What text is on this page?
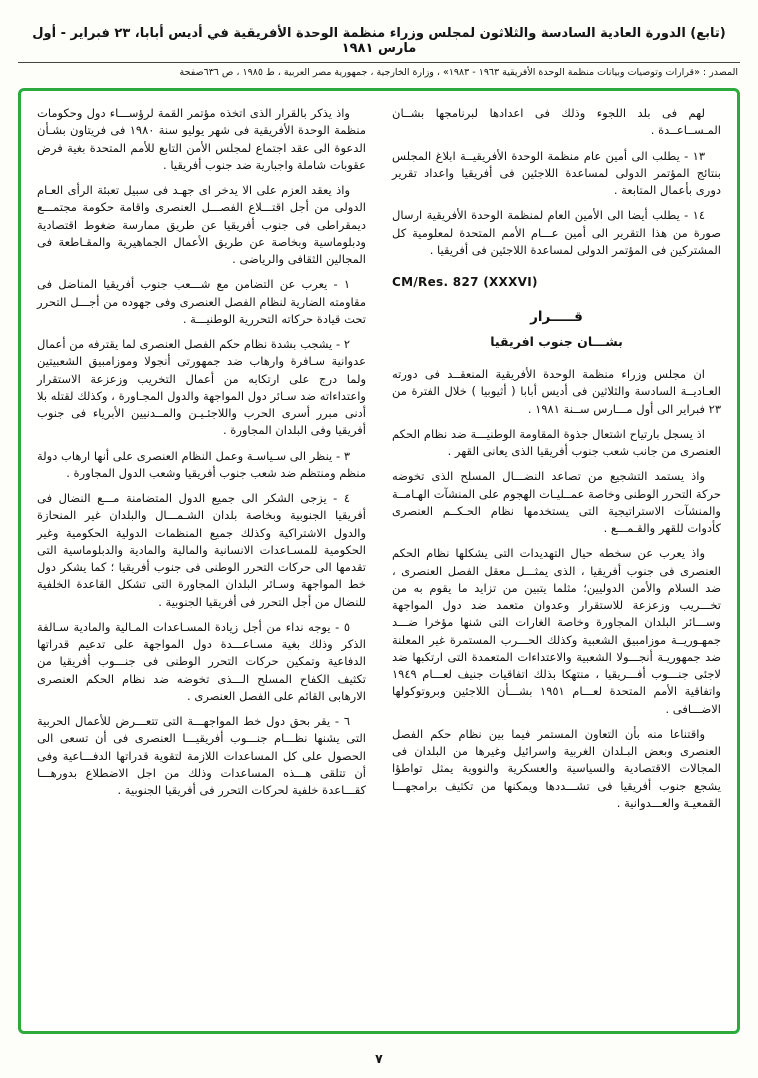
(تابع) الدورة العادية السادسة والثلاثون لمجلس وزراء منظمة الوحدة الأفريقية في أديس أبابا، ٢٣ فبراير - أول مارس ١٩٨١
المصدر : «قرارات وتوصيات وبيانات منظمة الوحدة الأفريقية ١٩٦٣ - ١٩٨٣» ، وزارة الخارجية ، جمهورية مصر العربية ، ط ١٩٨٥ ، ص ٦٣٦صفحة

لهم فى بلد اللجوء وذلك فى اعدادها لبرنامجها بشــان المـســاعــدة .

١٣ - يطلب الى أمين عام منظمة الوحدة الأفريقيــة ابلاغ المجلس بنتائج المؤتمر الدولى لمساعدة اللاجئين فى أفريقيا واعداد تقرير دورى بأعمال المتابعة .

١٤ - يطلب أيضا الى الأمين العام لمنظمة الوحدة الأفريقية ارسال صورة من هذا التقرير الى أمين عـــام الأمم المتحدة لمعلومية كل المشتركين فى المؤتمر الدولى لمساعدة اللاجئين فى أفريقيا .

CM/Res. 827 (XXXVI)
قـــــرار
بشـــان جنوب افريقيا

ان مجلس وزراء منظمة الوحدة الأفريقية المنعقــد فى دورته العـاديــة السادسة والثلاثين فى أديس أبابا ( أثيوبيا ) خلال الفترة من ٢٣ فبراير الى أول مـــارس ســنة ١٩٨١ .

اذ يسجل بارتياح اشتعال جذوة المقاومة الوطنيـــة ضد نظام الحكم العنصرى من جانب شعب جنوب أفريقيا الذى يعانى القهر .

واذ يستمد التشجيع من تصاعد النضـــال المسلح الذى تخوضه حركة التحرر الوطنى وخاصة عمــليـات الهجوم على المنشآت الهـامــة والمنشآت الاستراتيجية التى يستخدمها نظام الحـكــم العنصرى كأدوات للقهر والقـمـــع .

واذ يعرب عن سخطه حيال التهديدات التى يشكلها نظام الحكم العنصرى فى جنوب أفريقيا ، الذى يمثـــل معقل الفصل العنصرى ، ضد السلام والأمن الدوليين؛ مثلما يتبين من تزايد ما يقوم به من تخـــريب وزعزعة للاستقرار وعدوان متعمد ضد دول المواجهة وســـائر البلدان المجاورة وخاصة الغارات التى شنها مؤخرا ضـــد جمهـوريــة موزامبيق الشعبية وكذلك الحـــرب المستمرة غير المعلنة ضد جمهوريـة أنجـــولا الشعبية والاعتداءات المتعمدة التى ارتكبها ضد لاجئى جنـــوب أفـــريقيا ، منتهكا بذلك اتفاقيات جنيف لعـــام ١٩٤٩ واتفاقية الأمم المتحدة لعـــام ١٩٥١ بشـــأن اللاجئين وبروتوكولها الاضـــافى .

واقتناعا منه بأن التعاون المستمر فيما بين نظام حكم الفصل العنصرى وبعض البـلدان الغربية واسرائيل وغيرها من البلدان فى المجالات الاقتصادية والسياسية والعسكرية والنووية يمثل تواطؤا يشجع جنوب أفريقيا فى تشـــددها ويمكنها من تكثيف برامجهـــا القمعيـة والعـــدوانية .

واذ يذكر بالقرار الذى اتخذه مؤتمر القمة لرؤســـاء دول وحكومات منظمة الوحدة الأفريقية فى شهر يوليو سنة ١٩٨٠ فى فريتاون بشـأن الدعوة الى عقد اجتماع لمجلس الأمن التابع للأمم المتحدة بغية فرض عقوبات شاملة واجبارية ضد جنوب أفريقيا .

واذ يعقد العزم على الا يدخر اى جهـد فى سبيل تعبئة الرأى العـام الدولى من أجل اقتـــلاع الفصـــل العنصرى واقامة حكومة مجتمـــع ديمقراطى فى جنوب أفريقيا عن طريق ممارسة ضغوط اقتصادية ودبلوماسية وبخاصة عن طريق الأعمال الجماهيرية والمقـاطعة فى المجالين الثقافى والرياضى .

١ - يعرب عن التضامن مع شـــعب جنوب أفريقيا المناضل فى مقاومته الضارية لنظام الفصل العنصرى وفى جهوده من أجـــل التحرر تحت قيادة حركاته التحررية الوطنيـــة .

٢ - يشجب بشدة نظام حكم الفصل العنصرى لما يقترفه من أعمال عدوانية سـافرة وارهاب ضد جمهورتى أنجولا وموزامبيق الشعبيتين ولما درج على ارتكابه من أعمال التخريب وزعزعة الاستقرار واعتداءاته ضد سـائر دول المواجهة والدول المجـاورة ، وكذلك لقتله بلا أدنى مبرر أسرى الحرب واللاجئـيـن والمــدنيين الأبرياء فى جنوب أفريقيا وفى البلدان المجاورة .

٣ - ينظر الى سـياسـة وعمل النظام العنصرى على أنها ارهاب دولة منظم ومنتظم ضد شعب جنوب أفريقيا وشعب الدول المجاورة .

٤ - يزجى الشكر الى جميع الدول المتضامنة مـــع النضال فى أفريقيا الجنوبية وبخاصة بلدان الشـمـــال والبلدان غير المنحازة والدول الاشتراكية وكذلك جميع المنظمات الدولية الحكومية وغير الحكومية للمسـاعدات الانسانية والمالية والمادية والدبلوماسية التى تقدمها الى حركات التحرر الوطنى فى جنوب أفريقيا ؛ كما يشكر دول خط المواجهة وسـائر البلدان المجاورة التى تشكل القاعدة الخلفية للنضال من أجل التحرر فى أفريقيا الجنوبية .

٥ - يوجه نداء من أجل زيادة المسـاعدات المـالية والمادية سـالفة الذكر وذلك بغية مسـاعـــدة دول المواجهة على تدعيم قدراتها الدفاعية وتمكين حركات التحرر الوطنى فى جنـــوب أفريقيا من تكثيف الكفاح المسلح الـــذى تخوضه ضد نظام الحكم العنصرى الارهابى القائم على الفصل العنصرى .

٦ - يقر بحق دول خط المواجهـــة التى تتعـــرض للأعمال الحربية التى يشنها نظـــام جنـــوب أفريقيـــا العنصرى فى أن تسعى الى الحصول على كل المساعدات اللازمة لتقوية قدراتها الدفـــاعية وفى أن تتلقى هـــذه المساعدات وذلك من اجل الاضطلاع بدورهـــا كقـــاعدة خلفية لحركات التحرر فى أفريقيا الجنوبية .

٧
